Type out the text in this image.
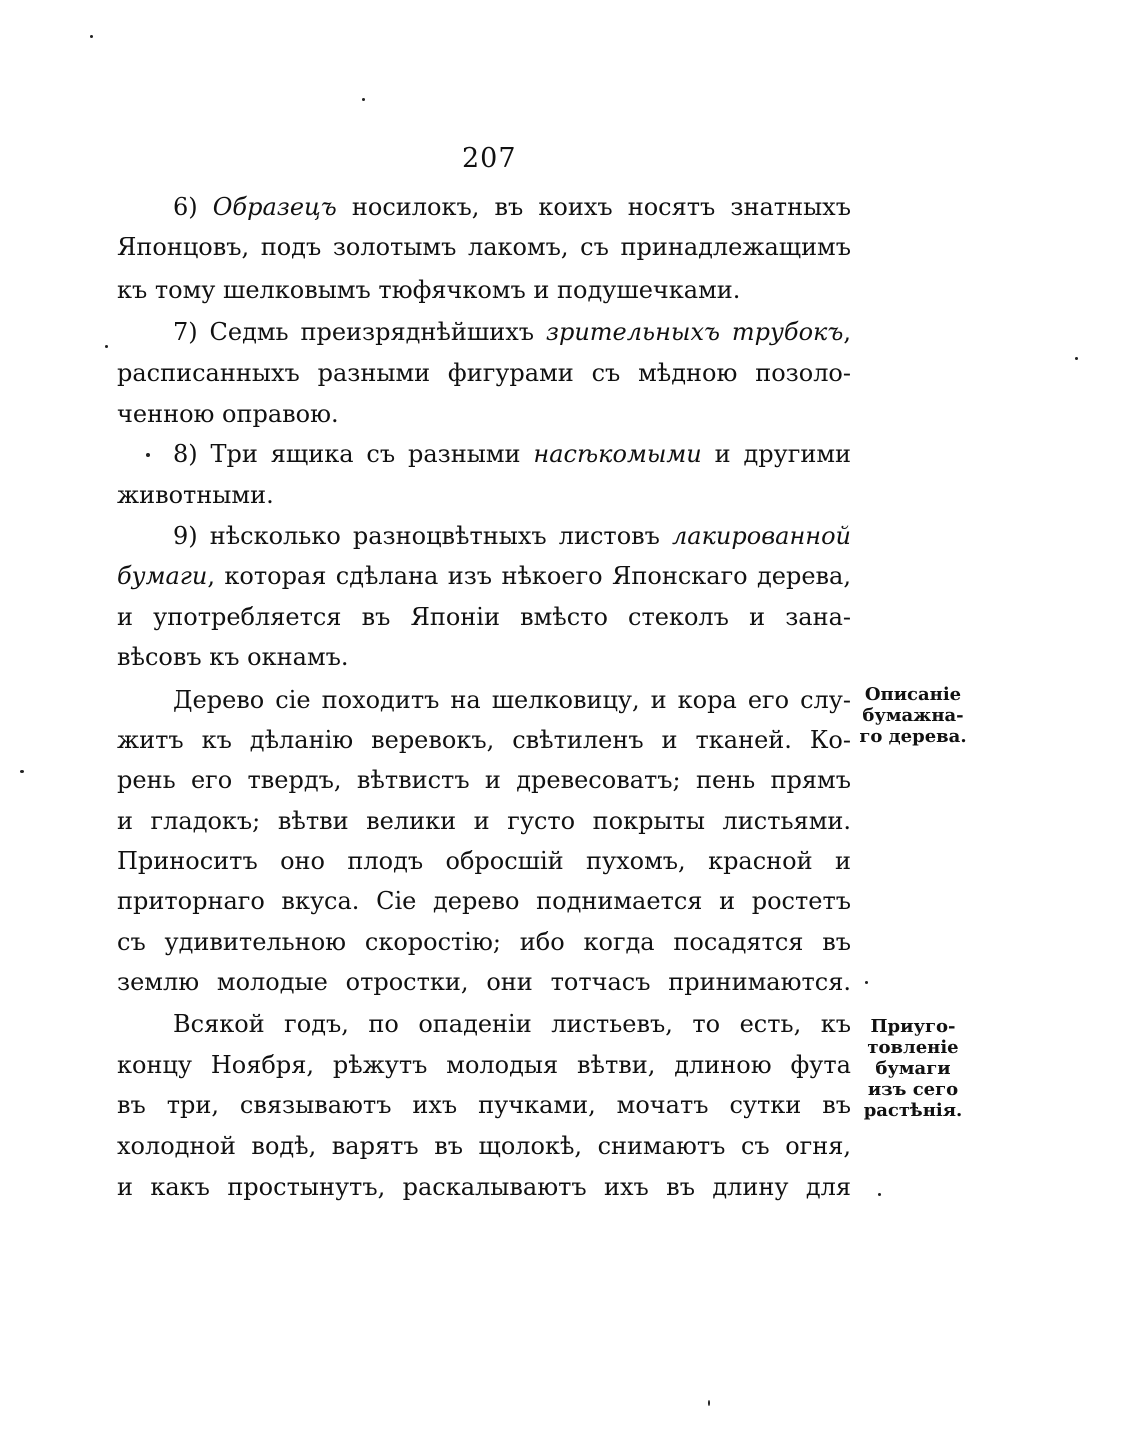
207
6) Образецъ носилокъ, въ коихъ носятъ знатныхъ
Японцовъ, подъ золотымъ лакомъ, съ принадлежащимъ
къ тому шелковымъ тюфячкомъ и подушечками.
7) Седмь преизряднѣйшихъ зрительныхъ трубокъ,
расписанныхъ разными фигурами съ мѣдною позоло-
ченною оправою.
8) Три ящика съ разными насѣкомыми и другими
животными.
9) нѣсколько разноцвѣтныхъ листовъ лакированной
бумаги, которая сдѣлана изъ нѣкоего Японскаго дерева,
и употребляется въ Японіи вмѣсто стеколъ и зана-
вѣсовъ къ окнамъ.
Дерево сіе походитъ на шелковицу, и кора его слу-
житъ къ дѣланію веревокъ, свѣтиленъ и тканей. Ко-
рень его твердъ, вѣтвистъ и древесоватъ; пень прямъ
и гладокъ; вѣтви велики и густо покрыты листьями.
Приноситъ оно плодъ обросшій пухомъ, красной и
приторнаго вкуса. Сіе дерево поднимается и ростетъ
съ удивительною скоростію; ибо когда посадятся въ
землю молодые отростки, они тотчасъ принимаются.
Всякой годъ, по опаденіи листьевъ, то есть, къ
концу Ноября, рѣжутъ молодыя вѣтви, длиною фута
въ три, связываютъ ихъ пучками, мочатъ сутки въ
холодной водѣ, варятъ въ щолокѣ, снимаютъ съ огня,
и какъ простынутъ, раскалываютъ ихъ въ длину для
Описаніе
бумажна-
го дерева.
Приуго-
товленіе
бумаги
изъ сего
растѣнія.
